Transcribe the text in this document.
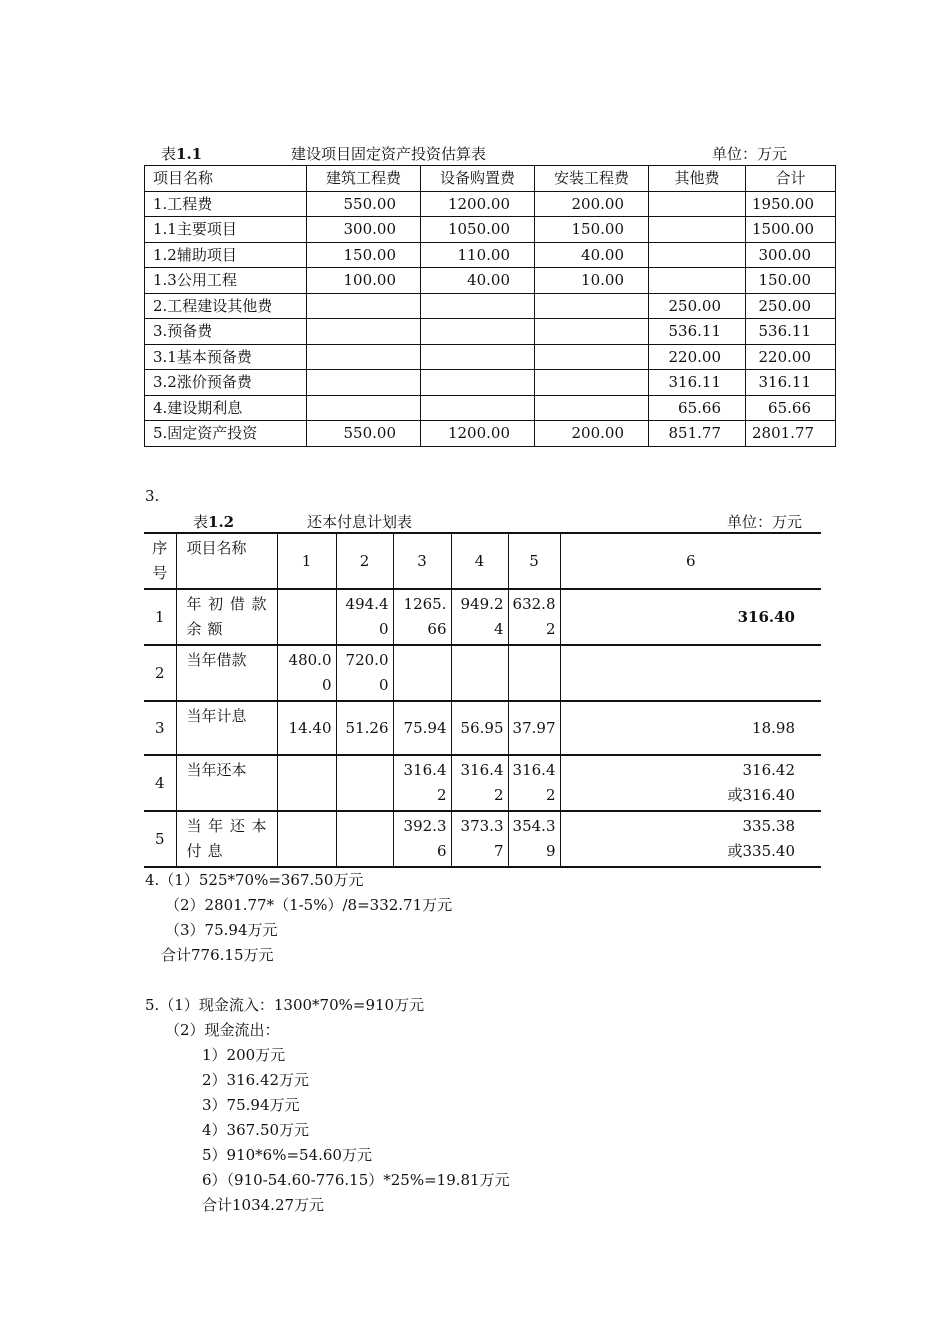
表1.1	建设项目固定资产投资估算表	单位：万元
项目名称	建筑工程费	设备购置费	安装工程费	其他费	合计
1.工程费	550.00	1200.00	200.00		1950.00
1.1主要项目	300.00	1050.00	150.00		1500.00
1.2辅助项目	150.00	110.00	40.00		300.00
1.3公用工程	100.00	40.00	10.00		150.00
2.工程建设其他费				250.00	250.00
3.预备费				536.11	536.11
3.1基本预备费				220.00	220.00
3.2涨价预备费				316.11	316.11
4.建设期利息				65.66	65.66
5.固定资产投资	550.00	1200.00	200.00	851.77	2801.77
3.
表1.2	还本付息计划表	单位：万元
序号	项目名称	1	2	3	4	5	6
1	年初借款余额		494.40	1265.66	949.24	632.82	316.40

2	当年借款	480.00	720.00				

3	当年计息	14.40	51.26	75.94	56.95	37.97	18.98

4	当年还本			316.42	316.42	316.42	316.42
或316.40

5	当年还本付息			392.36	373.37	354.39	335.38
或335.40
4.（1）525*70%=367.50万元
（2）2801.77*（1-5%）/8=332.71万元
（3）75.94万元
合计776.15万元
5.（1）现金流入：1300*70%=910万元
（2）现金流出：
1）200万元
2）316.42万元
3）75.94万元
4）367.50万元
5）910*6%=54.60万元
6）（910-54.60-776.15）*25%=19.81万元
合计1034.27万元
